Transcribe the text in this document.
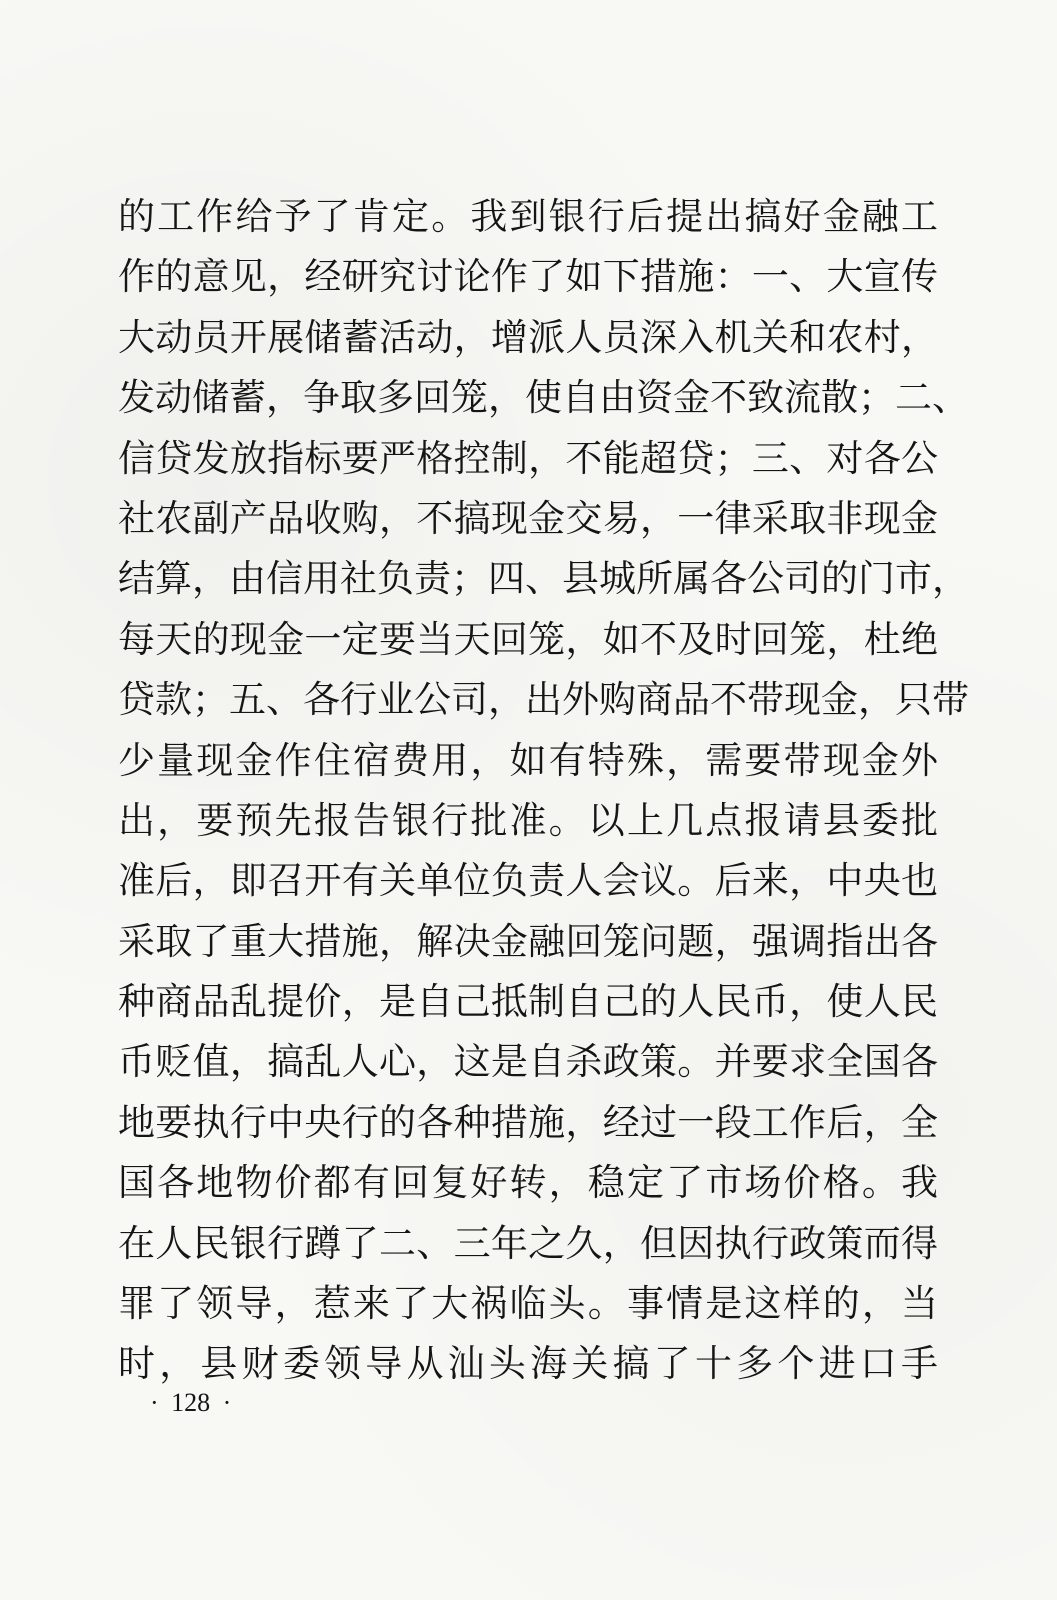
的工作给予了肯定。我到银行后提出搞好金融工
作的意见，经研究讨论作了如下措施：一、大宣传
大动员开展储蓄活动，增派人员深入机关和农村，
发动储蓄，争取多回笼，使自由资金不致流散；二、
信贷发放指标要严格控制，不能超贷；三、对各公
社农副产品收购，不搞现金交易，一律采取非现金
结算，由信用社负责；四、县城所属各公司的门市，
每天的现金一定要当天回笼，如不及时回笼，杜绝
贷款；五、各行业公司，出外购商品不带现金，只带
少量现金作住宿费用，如有特殊，需要带现金外
出，要预先报告银行批准。以上几点报请县委批
准后，即召开有关单位负责人会议。后来，中央也
采取了重大措施，解决金融回笼问题，强调指出各
种商品乱提价，是自己抵制自己的人民币，使人民
币贬值，搞乱人心，这是自杀政策。并要求全国各
地要执行中央行的各种措施，经过一段工作后，全
国各地物价都有回复好转，稳定了市场价格。我
在人民银行蹲了二、三年之久，但因执行政策而得
罪了领导，惹来了大祸临头。事情是这样的，当
时，县财委领导从汕头海关搞了十多个进口手
· 128 ·
